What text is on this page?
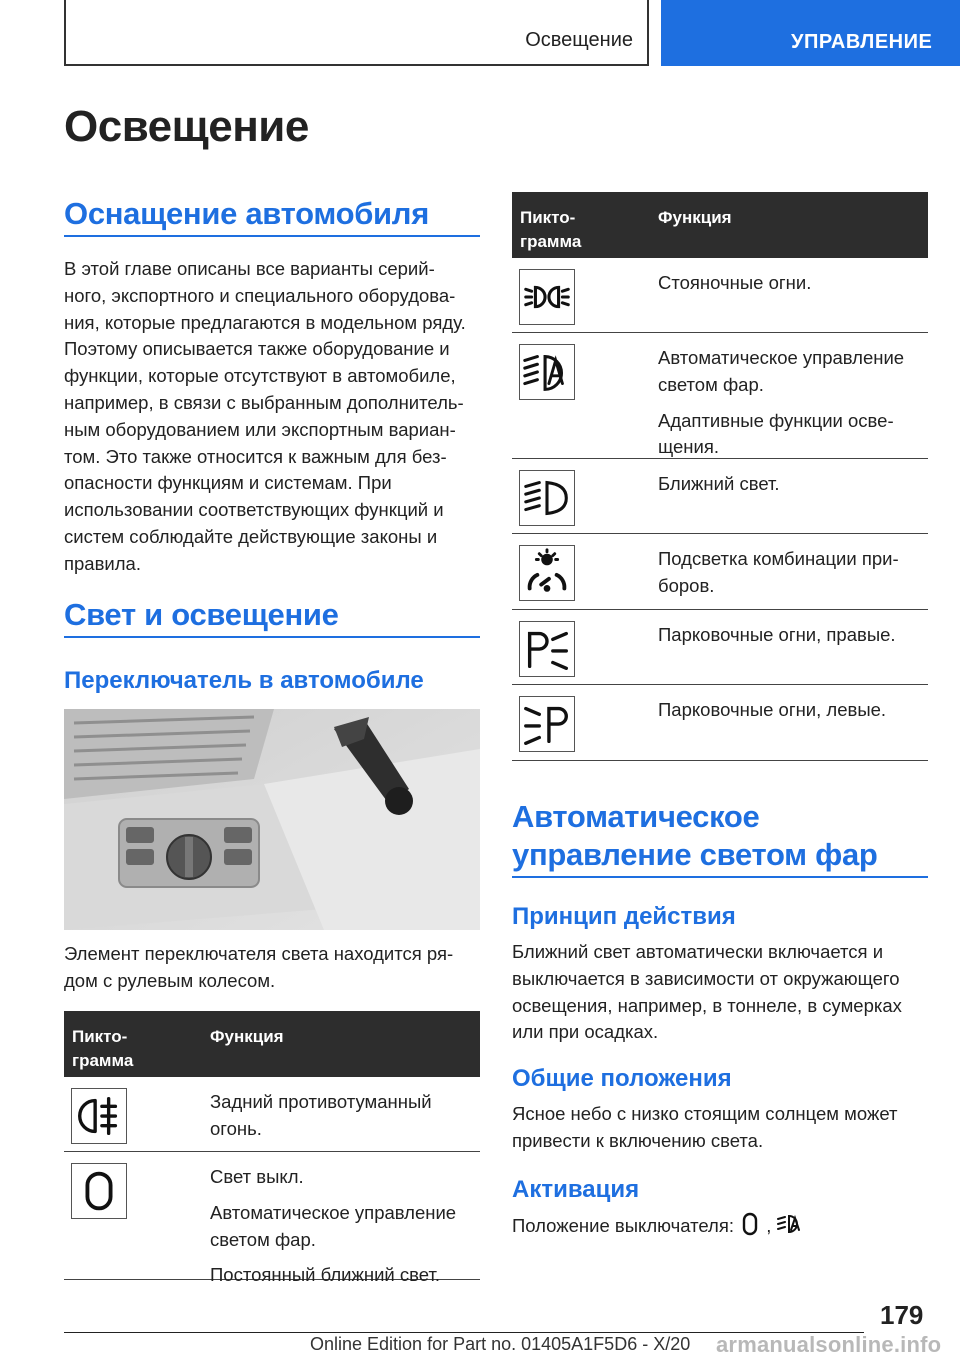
Освещение	УПРАВЛЕНИЕ
Освещение
Оснащение автомобиля
В этой главе описаны все варианты серий-
ного, экспортного и специального оборудова-
ния, которые предлагаются в модельном ряду.
Поэтому описывается также оборудование и
функции, которые отсутствуют в автомобиле,
например, в связи с выбранным дополнитель-
ным оборудованием или экспортным вариан-
том. Это также относится к важным для без-
опасности функциям и системам. При
использовании соответствующих функций и
систем соблюдайте действующие законы и
правила.
Свет и освещение
Переключатель в автомобиле
Элемент переключателя света находится ря-
дом с рулевым колесом.
Пикто-
грамма
Функция
Задний противотуманный
огонь.

Свет выкл.

Автоматическое управление
светом фар.

Постоянный ближний свет.

Пикто-
грамма
Функция

Стояночные огни.

Автоматическое управление
светом фар.

Адаптивные функции осве-
щения.

Ближний свет.

Подсветка комбинации при-
боров.

Парковочные огни, правые.

Парковочные огни, левые.

Автоматическое
управление светом фар
Принцип действия
Ближний свет автоматически включается и
выключается в зависимости от окружающего
освещения, например, в тоннеле, в сумерках
или при осадках.
Общие положения
Ясное небо с низко стоящим солнцем может
привести к включению света.
Активация
Положение выключателя: ,
179
Online Edition for Part no. 01405A1F5D6 - X/20 armanualsonline.info
